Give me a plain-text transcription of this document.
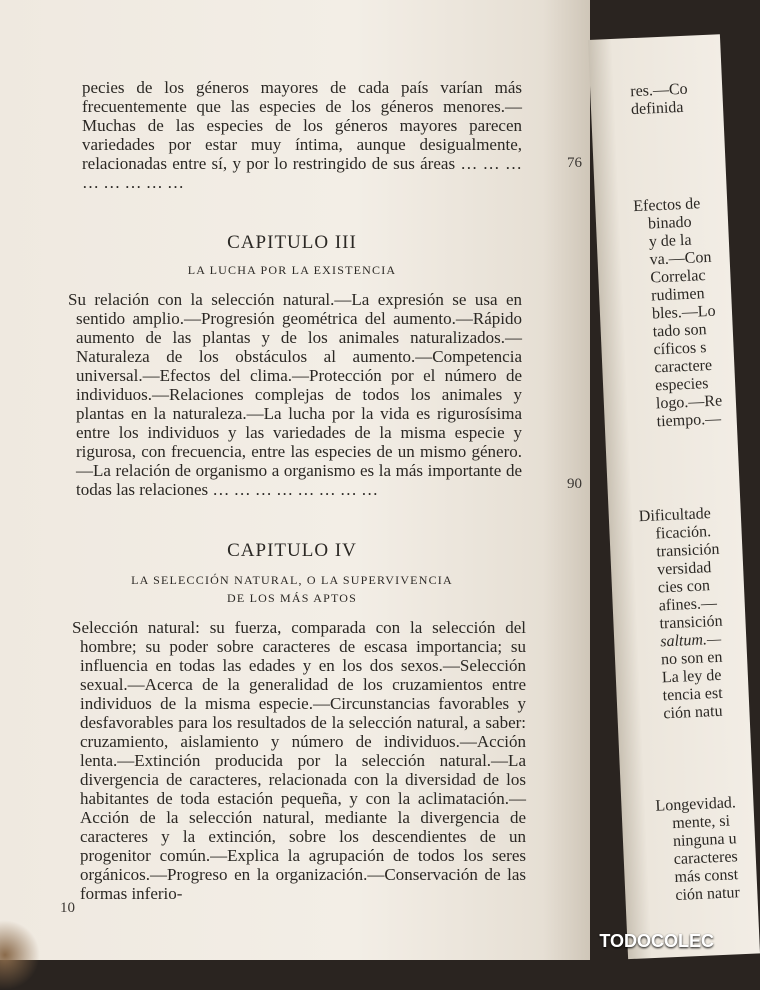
pecies de los géneros mayores de cada país varían más frecuentemente que las especies de los géneros menores.—Muchas de las especies de los géneros mayores parecen variedades por estar muy íntima, aunque desigualmente, relacionadas entre sí, y por lo restringido de sus áreas … … … … … … … …

76
CAPITULO III
LA LUCHA POR LA EXISTENCIA

Su relación con la selección natural.—La expresión se usa en sentido amplio.—Progresión geométrica del aumento.—Rápido aumento de las plantas y de los animales naturalizados.—Naturaleza de los obstáculos al aumento.—Competencia universal.—Efectos del clima.—Protección por el número de individuos.—Relaciones complejas de todos los animales y plantas en la naturaleza.—La lucha por la vida es rigurosísima entre los individuos y las variedades de la misma especie y rigurosa, con frecuencia, entre las especies de un mismo género.—La relación de organismo a organismo es la más importante de todas las relaciones … … … … … … … …	90
CAPITULO IV
LA SELECCIÓN NATURAL, O LA SUPERVIVENCIA
DE LOS MÁS APTOS

Selección natural: su fuerza, comparada con la selección del hombre; su poder sobre caracteres de escasa importancia; su influencia en todas las edades y en los dos sexos.—Selección sexual.—Acerca de la generalidad de los cruzamientos entre individuos de la misma especie.—Circunstancias favorables y desfavorables para los resultados de la selección natural, a saber: cruzamiento, aislamiento y número de individuos.—Acción lenta.—Extinción producida por la selección natural.—La divergencia de caracteres, relacionada con la diversidad de los habitantes de toda estación pequeña, y con la aclimatación.—Acción de la selección natural, mediante la divergencia de caracteres y la extinción, sobre los descendientes de un progenitor común.—Explica la agrupación de todos los seres orgánicos.—Progreso en la organización.—Conservación de las formas inferio-

10
res.—Co
definida
Efectos de
binado
y de la
va.—Con
Correlac
rudimen
bles.—Lo
tado son
cíficos s
caractere
especies
logo.—Re
tiempo.—
Dificultade
ficación.
transición
versidad
cies con
afines.—
transición
saltum.—
no son en
La ley de
tencia est
ción natu
Longevidad.
mente, si
ninguna u
caracteres
más const
ción natur
TODOCOLEC
